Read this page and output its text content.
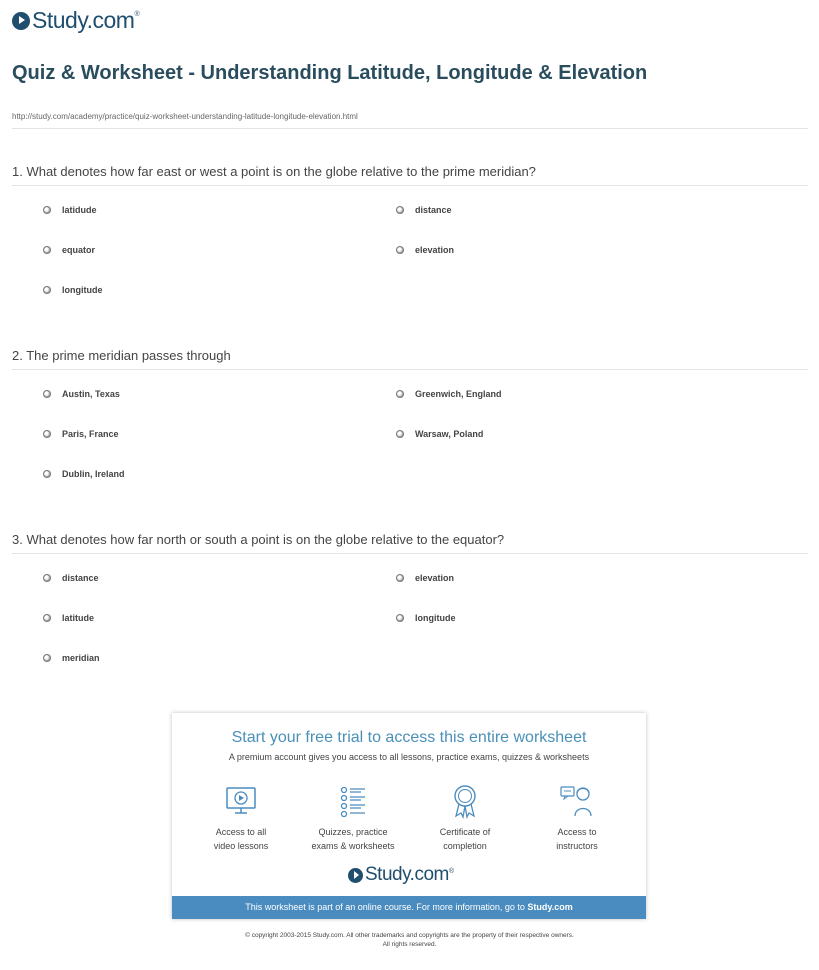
Study.com ®
Quiz & Worksheet - Understanding Latitude, Longitude & Elevation
http://study.com/academy/practice/quiz-worksheet-understanding-latitude-longitude-elevation.html
1. What denotes how far east or west a point is on the globe relative to the prime meridian?
latidude	distance
equator	elevation
longitude
2. The prime meridian passes through
Austin, Texas	Greenwich, England
Paris, France	Warsaw, Poland
Dublin, Ireland
3. What denotes how far north or south a point is on the globe relative to the equator?
distance	elevation
latitude	longitude
meridian
Start your free trial to access this entire worksheet
A premium account gives you access to all lessons, practice exams, quizzes & worksheets
Access to all
video lessons
Quizzes, practice
exams & worksheets
Certificate of
completion
Access to
instructors
Study.com ®
This worksheet is part of an online course. For more information, go to Study.com
© copyright 2003-2015 Study.com. All other trademarks and copyrights are the property of their respective owners.
All rights reserved.
